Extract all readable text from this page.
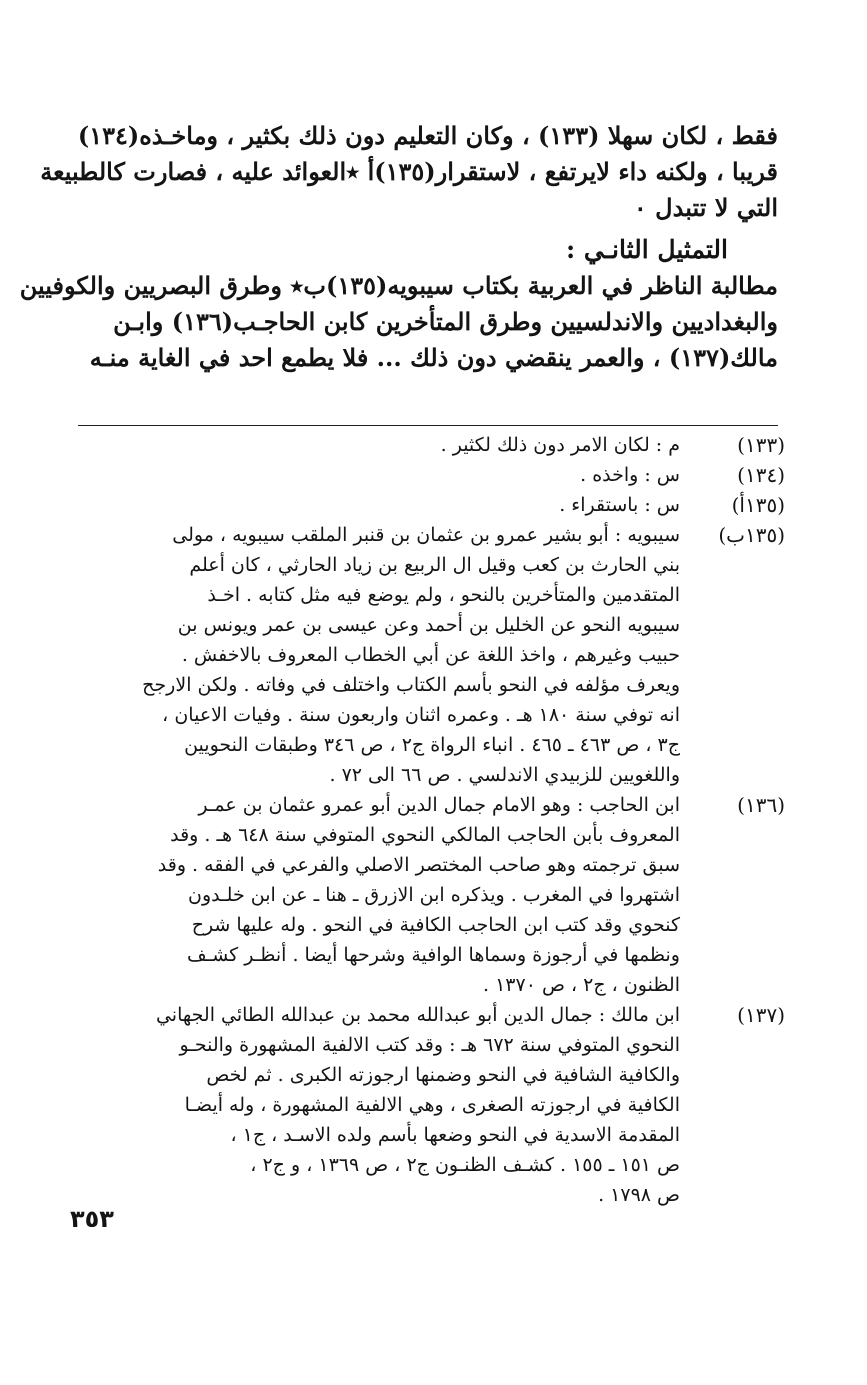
فقط ، لكان سهلا (١٣٣) ، وكان التعليم دون ذلك بكثير ، وماخـذه(١٣٤)
قريبا ، ولكنه داء لايرتفع ، لاستقرار(١٣٥)أ ٭العوائد عليه ، فصارت كالطبيعة
التي لا تتبدل ٠
التمثيل الثانـي :
مطالبة الناظر في العربية بكتاب سيبويه(١٣٥)ب٭ وطرق البصريين والكوفيين
والبغداديين والاندلسيين وطرق المتأخرين كابن الحاجـب(١٣٦) وابـن
مالك(١٣٧) ، والعمر ينقضي دون ذلك ... فلا يطمع احد في الغاية منـه
(١٣٣)
م : لكان الامر دون ذلك لكثير .
(١٣٤)
س : واخذه .
(١٣٥أ)
س : باستقراء .
(١٣٥ب)
سيبويه : أبو بشير عمرو بن عثمان بن قنبر الملقب سيبويه ، مولى
بني الحارث بن كعب وقيل ال الربيع بن زياد الحارثي ، كان أعلم
المتقدمين والمتأخرين بالنحو ، ولم يوضع فيه مثل كتابه . اخـذ
سيبويه النحو عن الخليل بن أحمد وعن عيسى بن عمر ويونس بن
حبيب وغيرهم ، واخذ اللغة عن أبي الخطاب المعروف بالاخفش .
ويعرف مؤلفه في النحو بأسم الكتاب واختلف في وفاته . ولكن الارجح
انه توفي سنة ١٨٠ هـ . وعمره اثنان واربعون سنة . وفيات الاعيان ،
ج٣ ، ص ٤٦٣ ـ ٤٦٥ . انباء الرواة ج٢ ، ص ٣٤٦ وطبقات النحويين
واللغويين للزبيدي الاندلسي . ص ٦٦ الى ٧٢ .
(١٣٦)
ابن الحاجب : وهو الامام جمال الدين أبو عمرو عثمان بن عمـر
المعروف بأبن الحاجب المالكي النحوي المتوفي سنة ٦٤٨ هـ . وقد
سبق ترجمته وهو صاحب المختصر الاصلي والفرعي في الفقه . وقد
اشتهروا في المغرب . ويذكره ابن الازرق ـ هنا ـ عن ابن خلـدون
كنحوي وقد كتب ابن الحاجب الكافية في النحو . وله عليها شرح
ونظمها في أرجوزة وسماها الوافية وشرحها أيضا . أنظـر كشـف
الظنون ، ج٢ ، ص ١٣٧٠ .
(١٣٧)
ابن مالك : جمال الدين أبو عبدالله محمد بن عبدالله الطائي الجهاني
النحوي المتوفي سنة ٦٧٢ هـ : وقد كتب الالفية المشهورة والنحـو
والكافية الشافية في النحو وضمنها ارجوزته الكبرى . ثم لخص
الكافية في ارجوزته الصغرى ، وهي الالفية المشهورة ، وله أيضـا
المقدمة الاسدية في النحو وضعها بأسم ولده الاسـد ، ج١ ،
ص ١٥١ ـ ١٥٥ . كشـف الظنـون ج٢ ، ص ١٣٦٩ ، و ج٢ ،
ص ١٧٩٨ .
٣٥٣
